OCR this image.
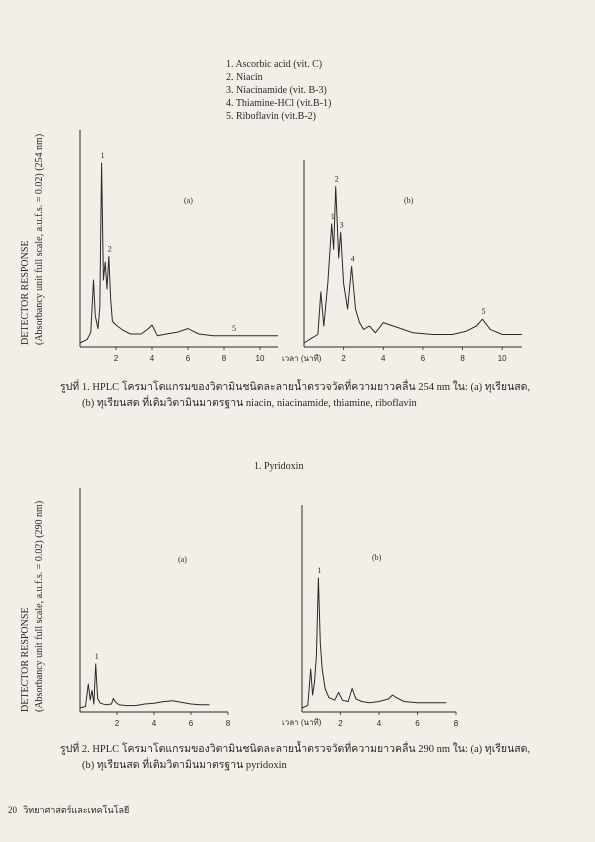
1. Ascorbic acid (vit. C)
2. Niacin
3. Niacinamide (vit. B-3)
4. Thiamine-HCl (vit.B-1)
5. Riboflavin (vit.B-2)
DETECTOR RESPONSE (Absorbancy unit full scale, a.u.f.s. = 0.02) (254 nm)
เวลา (นาที)
รูปที่ 1. HPLC โครมาโตแกรมของวิตามินชนิดละลายน้ำตรวจวัดที่ความยาวคลื่น 254 nm ใน: (a) ทุเรียนสด,
(b) ทุเรียนสด ที่เติมวิตามินมาตรฐาน niacin, niacinamide, thiamine, riboflavin
1. Pyridoxin
DETECTOR RESPONSE (Absorbancy unit full scale, a.u.f.s. = 0.02) (290 nm)
เวลา (นาที)
รูปที่ 2. HPLC โครมาโตแกรมของวิตามินชนิดละลายน้ำตรวจวัดที่ความยาวคลื่น 290 nm ใน: (a) ทุเรียนสด,
(b) ทุเรียนสด ที่เติมวิตามินมาตรฐาน pyridoxin
20 วิทยาศาสตร์และเทคโนโลยี
2	4	6	8	10
1
2
5
(a)
2	4	6	8	10
1
2
3
4
5
(b)
2	4	6	8
1
(a)
2	4	6	8
1
(b)
